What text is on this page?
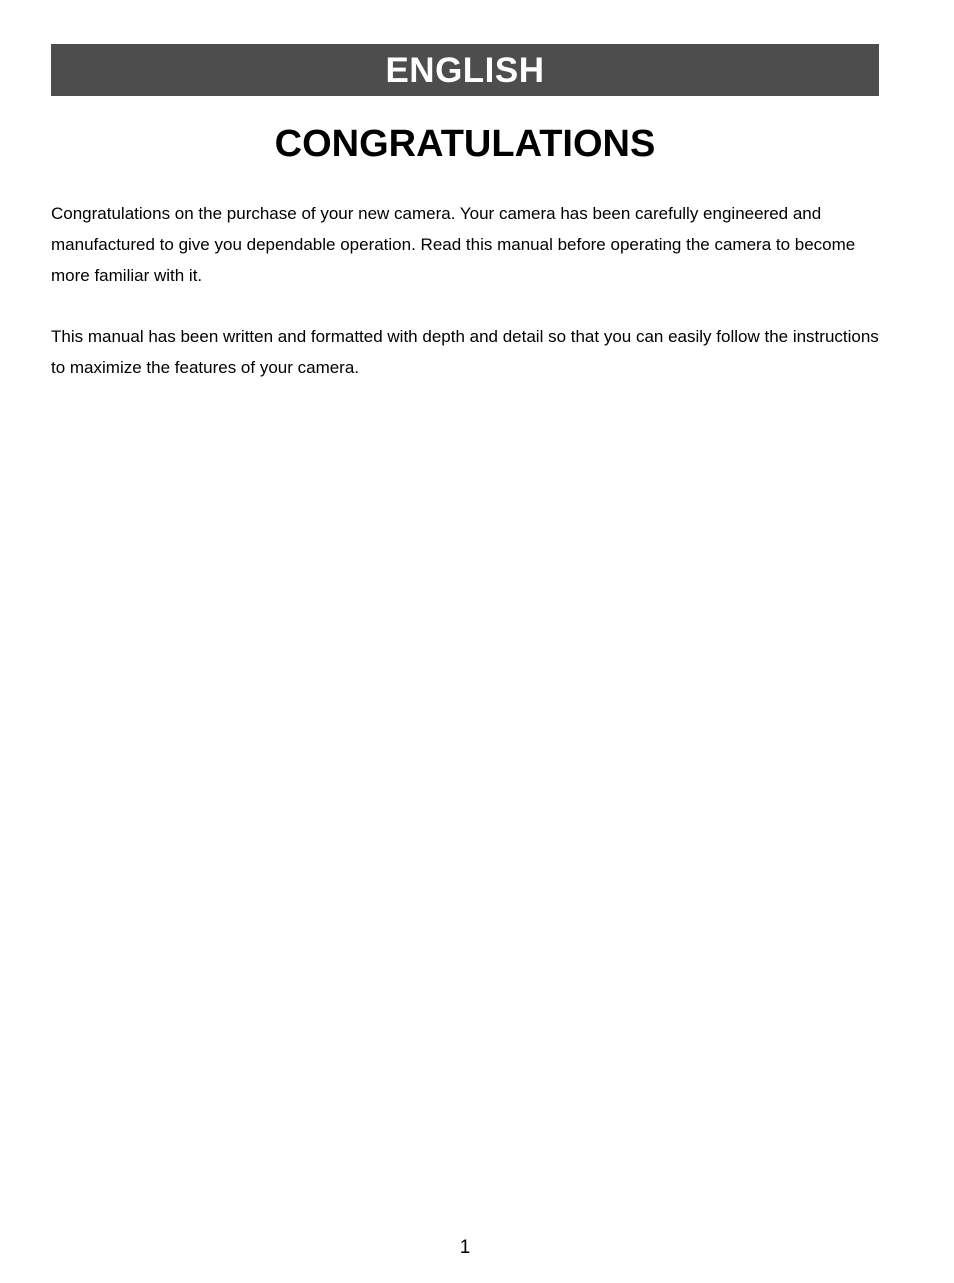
ENGLISH
CONGRATULATIONS

Congratulations on the purchase of your new camera. Your camera has been carefully engineered and manufactured to give you dependable operation. Read this manual before operating the camera to become more familiar with it.

This manual has been written and formatted with depth and detail so that you can easily follow the instructions to maximize the features of your camera.

1
